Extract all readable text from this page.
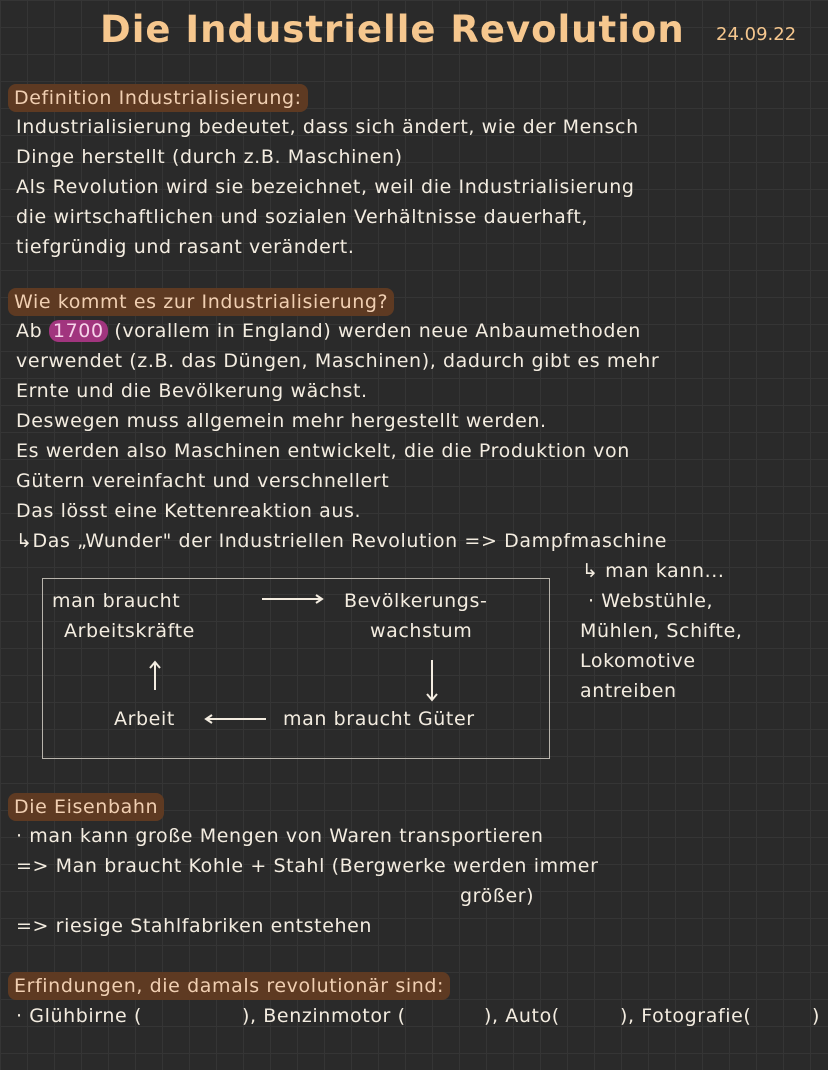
Die Industrielle Revolution 24.09.22
Definition Industrialisierung:
Industrialisierung bedeutet, dass sich ändert, wie der Mensch
Dinge herstellt (durch z.B. Maschinen)
Als Revolution wird sie bezeichnet, weil die Industrialisierung
die wirtschaftlichen und sozialen Verhältnisse dauerhaft,
tiefgründig und rasant verändert.
Wie kommt es zur Industrialisierung?
Ab 1700 (vorallem in England) werden neue Anbaumethoden
verwendet (z.B. das Düngen, Maschinen), dadurch gibt es mehr
Ernte und die Bevölkerung wächst.
Deswegen muss allgemein mehr hergestellt werden.
Es werden also Maschinen entwickelt, die die Produktion von
Gütern vereinfacht und verschnellert
Das lösst eine Kettenreaktion aus.
↳Das „Wunder" der Industriellen Revolution => Dampfmaschine
↳ man kann...
· Webstühle,
Mühlen, Schifte,
Lokomotive
antreiben
man braucht
Arbeitskräfte
Bevölkerungs-
wachstum
Arbeit	man braucht Güter
Die Eisenbahn
· man kann große Mengen von Waren transportieren
=> Man braucht Kohle + Stahl (Bergwerke werden immer
größer)
=> riesige Stahlfabriken entstehen
Erfindungen, die damals revolutionär sind:
· Glühbirne (	), Benzinmotor (	), Auto(	), Fotografie(	)
